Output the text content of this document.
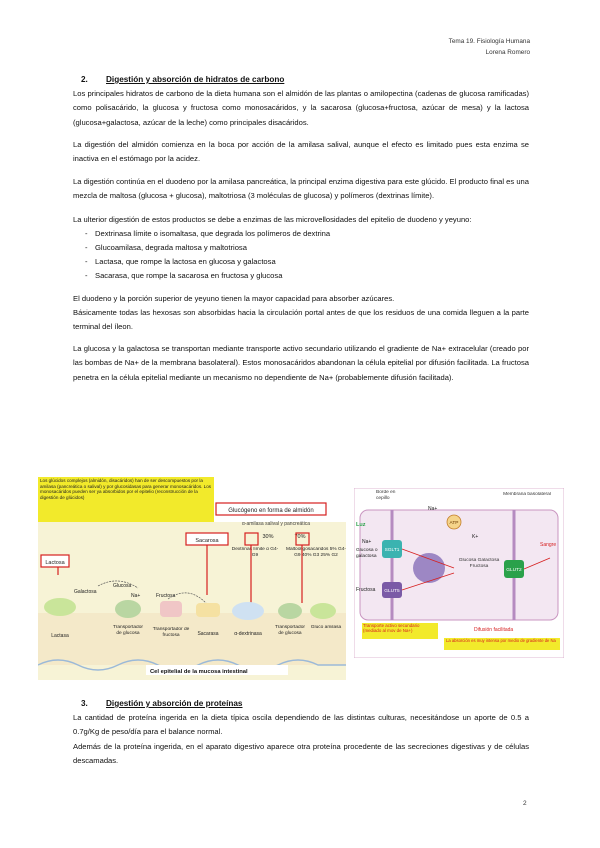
Tema 19. Fisiología Humana
Lorena Romero
2. Digestión y absorción de hidratos de carbono

Los principales hidratos de carbono de la dieta humana son el almidón de las plantas o amilopectina (cadenas de glucosa ramificadas) como polisacárido, la glucosa y fructosa como monosacáridos, y la sacarosa (glucosa+fructosa, azúcar de mesa) y la lactosa (glucosa+galactosa, azúcar de la leche) como principales disacáridos.

La digestión del almidón comienza en la boca por acción de la amilasa salival, aunque el efecto es limitado pues esta enzima se inactiva en el estómago por la acidez.

La digestión continúa en el duodeno por la amilasa pancreática, la principal enzima digestiva para este glúcido. El producto final es una mezcla de maltosa (glucosa + glucosa), maltotriosa (3 moléculas de glucosa) y polímeros (dextrinas límite).

La ulterior digestión de estos productos se debe a enzimas de las microvellosidades del epitelio de duodeno y yeyuno:

- Dextrinasa límite o isomaltasa, que degrada los polímeros de dextrina
- Glucoamilasa, degrada maltosa y maltotriosa
- Lactasa, que rompe la lactosa en glucosa y galactosa
- Sacarasa, que rompe la sacarosa en fructosa y glucosa

El duodeno y la porción superior de yeyuno tienen la mayor capacidad para absorber azúcares.

Básicamente todas las hexosas son absorbidas hacia la circulación portal antes de que los residuos de una comida lleguen a la parte terminal del íleon.

La glucosa y la galactosa se transportan mediante transporte activo secundario utilizando el gradiente de Na+ extracelular (creado por las bombas de Na+ de la membrana basolateral). Estos monosacáridos abandonan la célula epitelial por difusión facilitada. La fructosa penetra en la célula epitelial mediante un mecanismo no dependiente de Na+ (probablemente difusión facilitada).

Los glúcidos complejos (almidón, disacáridos) han de ser descompuestos por la amilasa (pancreática o salival) y por glucosidasas para generar monosacáridos. Los monosacáridos pueden ser ya absorbidos por el epitelio (reconstrucción de la digestión de glúcidos)
Glucógeno en forma de almidón
α-amilasa salival y pancreática
30%	70%
Sacarosa
Dextrinas límite α G4-G9
Maltooligosacáridos 5% G4-G9 40% G3 25% G2
Lactosa
Glucosa
Galactosa
Fructosa
Na+
Lactasa
Transportador de glucosa
Transportador de fructosa	Sacarasa	α-dextrinasa
Transportador de glucosa
Gluco amilasa
Cel epitelial de la mucosa intestinal
Luz
Borde en cepillo
Membrana basolateral
Sangre
Na+
Na+
ATP
K+
Glucosa o galactosa
Fructosa
SGLT1
GLUT5
Glucosa Galactosa Fructosa
GLUT2
Transporte activo secundario (mediado al mov de Na+)	Difusión facilitada
La absorción es muy intensa por medio de gradiente de Na
3. Digestión y absorción de proteínas

La cantidad de proteína ingerida en la dieta típica oscila dependiendo de las distintas culturas, necesitándose un aporte de 0.5 a 0.7g/Kg de peso/día para el balance normal.

Además de la proteína ingerida, en el aparato digestivo aparece otra proteína procedente de las secreciones digestivas y de células descamadas.

2
